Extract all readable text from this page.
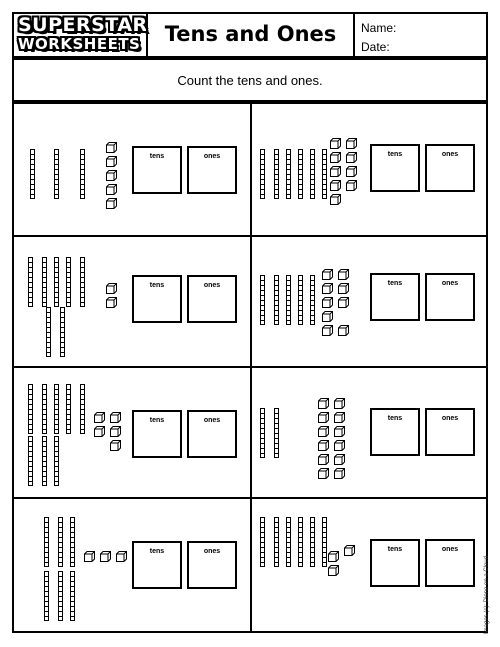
SUPERSTAR
WORKSHEETS	Tens and Ones	Name:
Date:
Count the tens and ones.
tens	ones	tens	ones
tens	ones	tens	ones
tens	ones	tens	ones
tens	ones	tens	ones
Images (c): Dione on a Cloud
